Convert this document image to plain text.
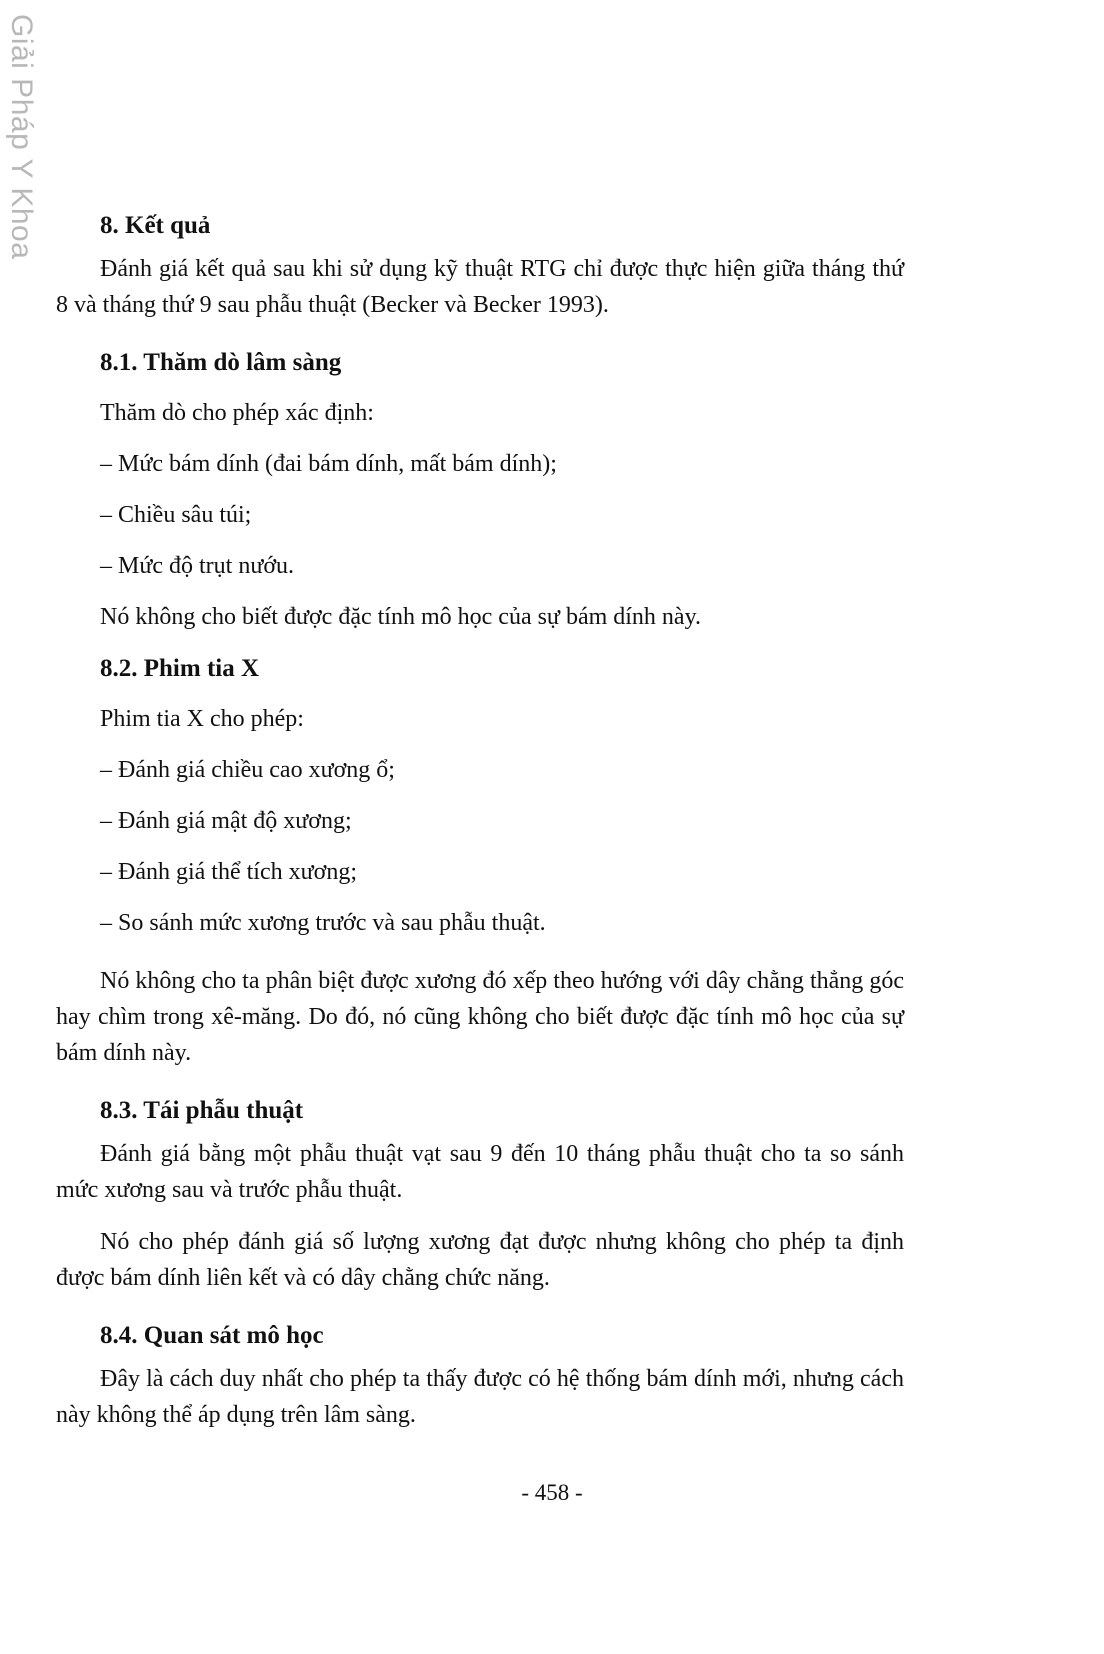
Giải Pháp Y Khoa 8. Kết quả

Đánh giá kết quả sau khi sử dụng kỹ thuật RTG chỉ được thực hiện giữa tháng thứ 8 và tháng thứ 9 sau phẫu thuật (Becker và Becker 1993).

8.1. Thăm dò lâm sàng
Thăm dò cho phép xác định:
– Mức bám dính (đai bám dính, mất bám dính);
– Chiều sâu túi;
– Mức độ trụt nướu.
Nó không cho biết được đặc tính mô học của sự bám dính này.
8.2. Phim tia X
Phim tia X cho phép:
– Đánh giá chiều cao xương ổ;
– Đánh giá mật độ xương;
– Đánh giá thể tích xương;
– So sánh mức xương trước và sau phẫu thuật.

Nó không cho ta phân biệt được xương đó xếp theo hướng với dây chằng thẳng góc hay chìm trong xê-măng. Do đó, nó cũng không cho biết được đặc tính mô học của sự bám dính này.

8.3. Tái phẫu thuật

Đánh giá bằng một phẫu thuật vạt sau 9 đến 10 tháng phẫu thuật cho ta so sánh mức xương sau và trước phẫu thuật.

Nó cho phép đánh giá số lượng xương đạt được nhưng không cho phép ta định được bám dính liên kết và có dây chằng chức năng.

8.4. Quan sát mô học

Đây là cách duy nhất cho phép ta thấy được có hệ thống bám dính mới, nhưng cách này không thể áp dụng trên lâm sàng.

- 458 -
